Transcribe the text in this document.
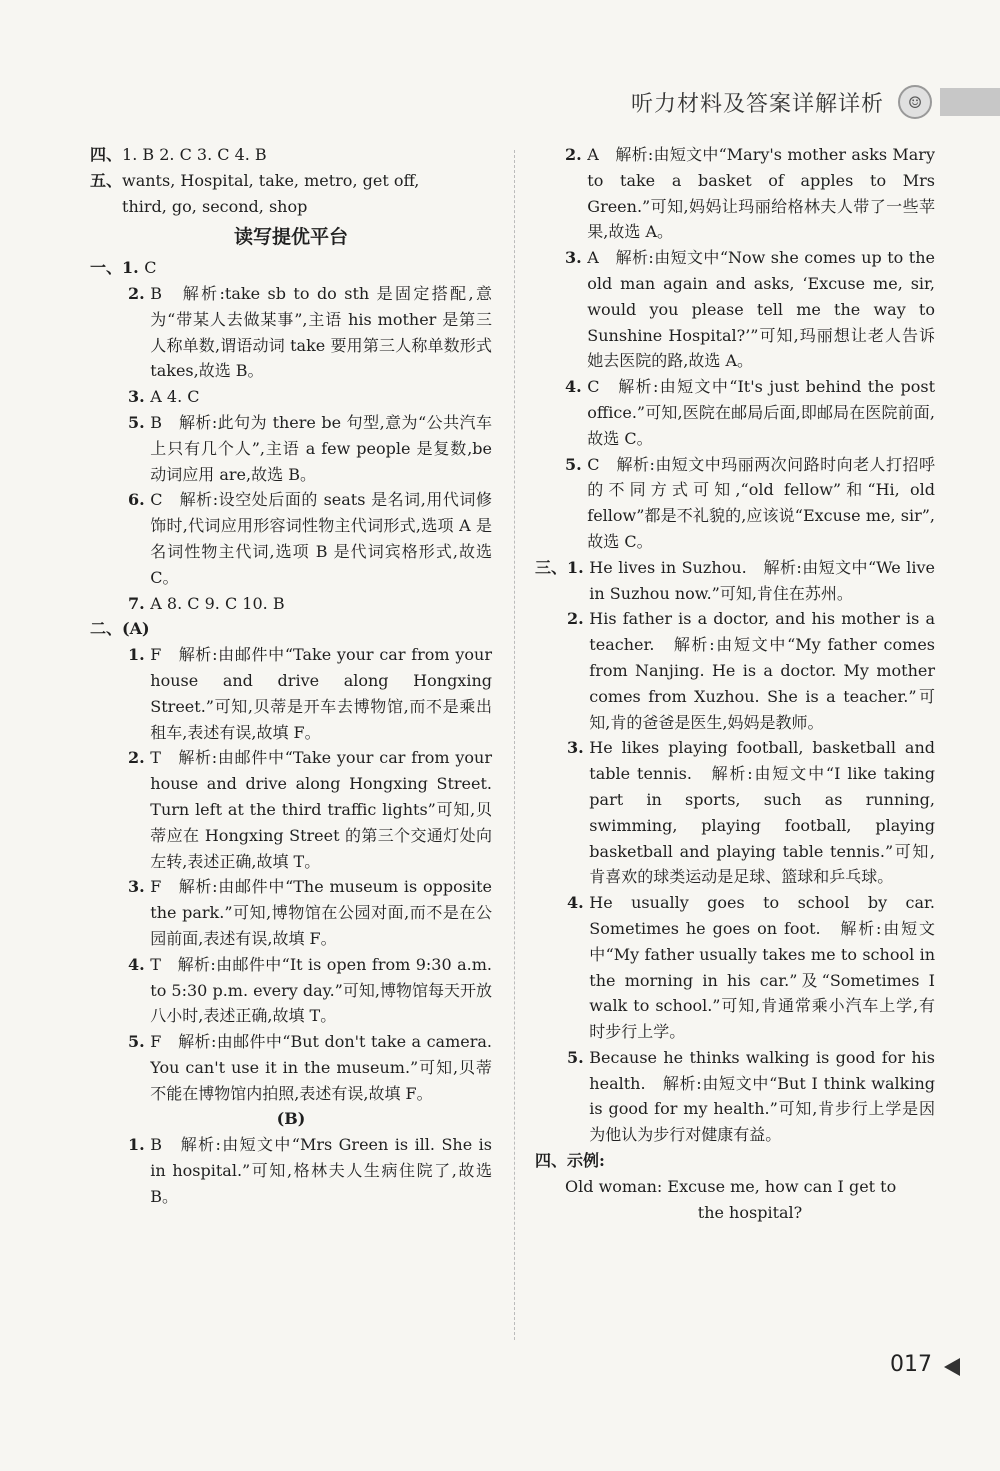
听力材料及答案详解详析	☺
四、 1. B 2. C 3. C 4. B
五、 wants, Hospital, take, metro, get off,
third, go, second, shop
读写提优平台
一、 1. C
2. B　解析:take sb to do sth 是固定搭配,意为“带某人去做某事”,主语 his mother 是第三人称单数,谓语动词 take 要用第三人称单数形式 takes,故选 B。
3. A 4. C
5. B　解析:此句为 there be 句型,意为“公共汽车上只有几个人”,主语 a few people 是复数,be 动词应用 are,故选 B。
6. C　解析:设空处后面的 seats 是名词,用代词修饰时,代词应用形容词性物主代词形式,选项 A 是名词性物主代词,选项 B 是代词宾格形式,故选 C。
7. A 8. C 9. C 10. B
二、 (A)
1. F　解析:由邮件中“Take your car from your house and drive along Hongxing Street.”可知,贝蒂是开车去博物馆,而不是乘出租车,表述有误,故填 F。
2. T　解析:由邮件中“Take your car from your house and drive along Hongxing Street. Turn left at the third traffic lights”可知,贝蒂应在 Hongxing Street 的第三个交通灯处向左转,表述正确,故填 T。
3. F　解析:由邮件中“The museum is opposite the park.”可知,博物馆在公园对面,而不是在公园前面,表述有误,故填 F。
4. T　解析:由邮件中“It is open from 9:30 a.m. to 5:30 p.m. every day.”可知,博物馆每天开放八小时,表述正确,故填 T。
5. F　解析:由邮件中“But don't take a camera. You can't use it in the museum.”可知,贝蒂不能在博物馆内拍照,表述有误,故填 F。
(B)
1. B　解析:由短文中“Mrs Green is ill. She is in hospital.”可知,格林夫人生病住院了,故选 B。
2. A　解析:由短文中“Mary's mother asks Mary to take a basket of apples to Mrs Green.”可知,妈妈让玛丽给格林夫人带了一些苹果,故选 A。
3. A　解析:由短文中“Now she comes up to the old man again and asks, ‘Excuse me, sir, would you please tell me the way to Sunshine Hospital?’”可知,玛丽想让老人告诉她去医院的路,故选 A。
4. C　解析:由短文中“It's just behind the post office.”可知,医院在邮局后面,即邮局在医院前面,故选 C。
5. C　解析:由短文中玛丽两次问路时向老人打招呼的不同方式可知,“old fellow”和“Hi, old fellow”都是不礼貌的,应该说“Excuse me, sir”,故选 C。
三、 1. He lives in Suzhou.　解析:由短文中“We live in Suzhou now.”可知,肯住在苏州。
2. His father is a doctor, and his mother is a teacher.　解析:由短文中“My father comes from Nanjing. He is a doctor. My mother comes from Xuzhou. She is a teacher.”可知,肯的爸爸是医生,妈妈是教师。
3. He likes playing football, basketball and table tennis.　解析:由短文中“I like taking part in sports, such as running, swimming, playing football, playing basketball and playing table tennis.”可知,肯喜欢的球类运动是足球、篮球和乒乓球。
4. He usually goes to school by car. Sometimes he goes on foot.　解析:由短文中“My father usually takes me to school in the morning in his car.”及“Sometimes I walk to school.”可知,肯通常乘小汽车上学,有时步行上学。
5. Because he thinks walking is good for his health.　解析:由短文中“But I think walking is good for my health.”可知,肯步行上学是因为他认为步行对健康有益。
四、 示例:
Old woman: Excuse me, how can I get to
the hospital?
017
